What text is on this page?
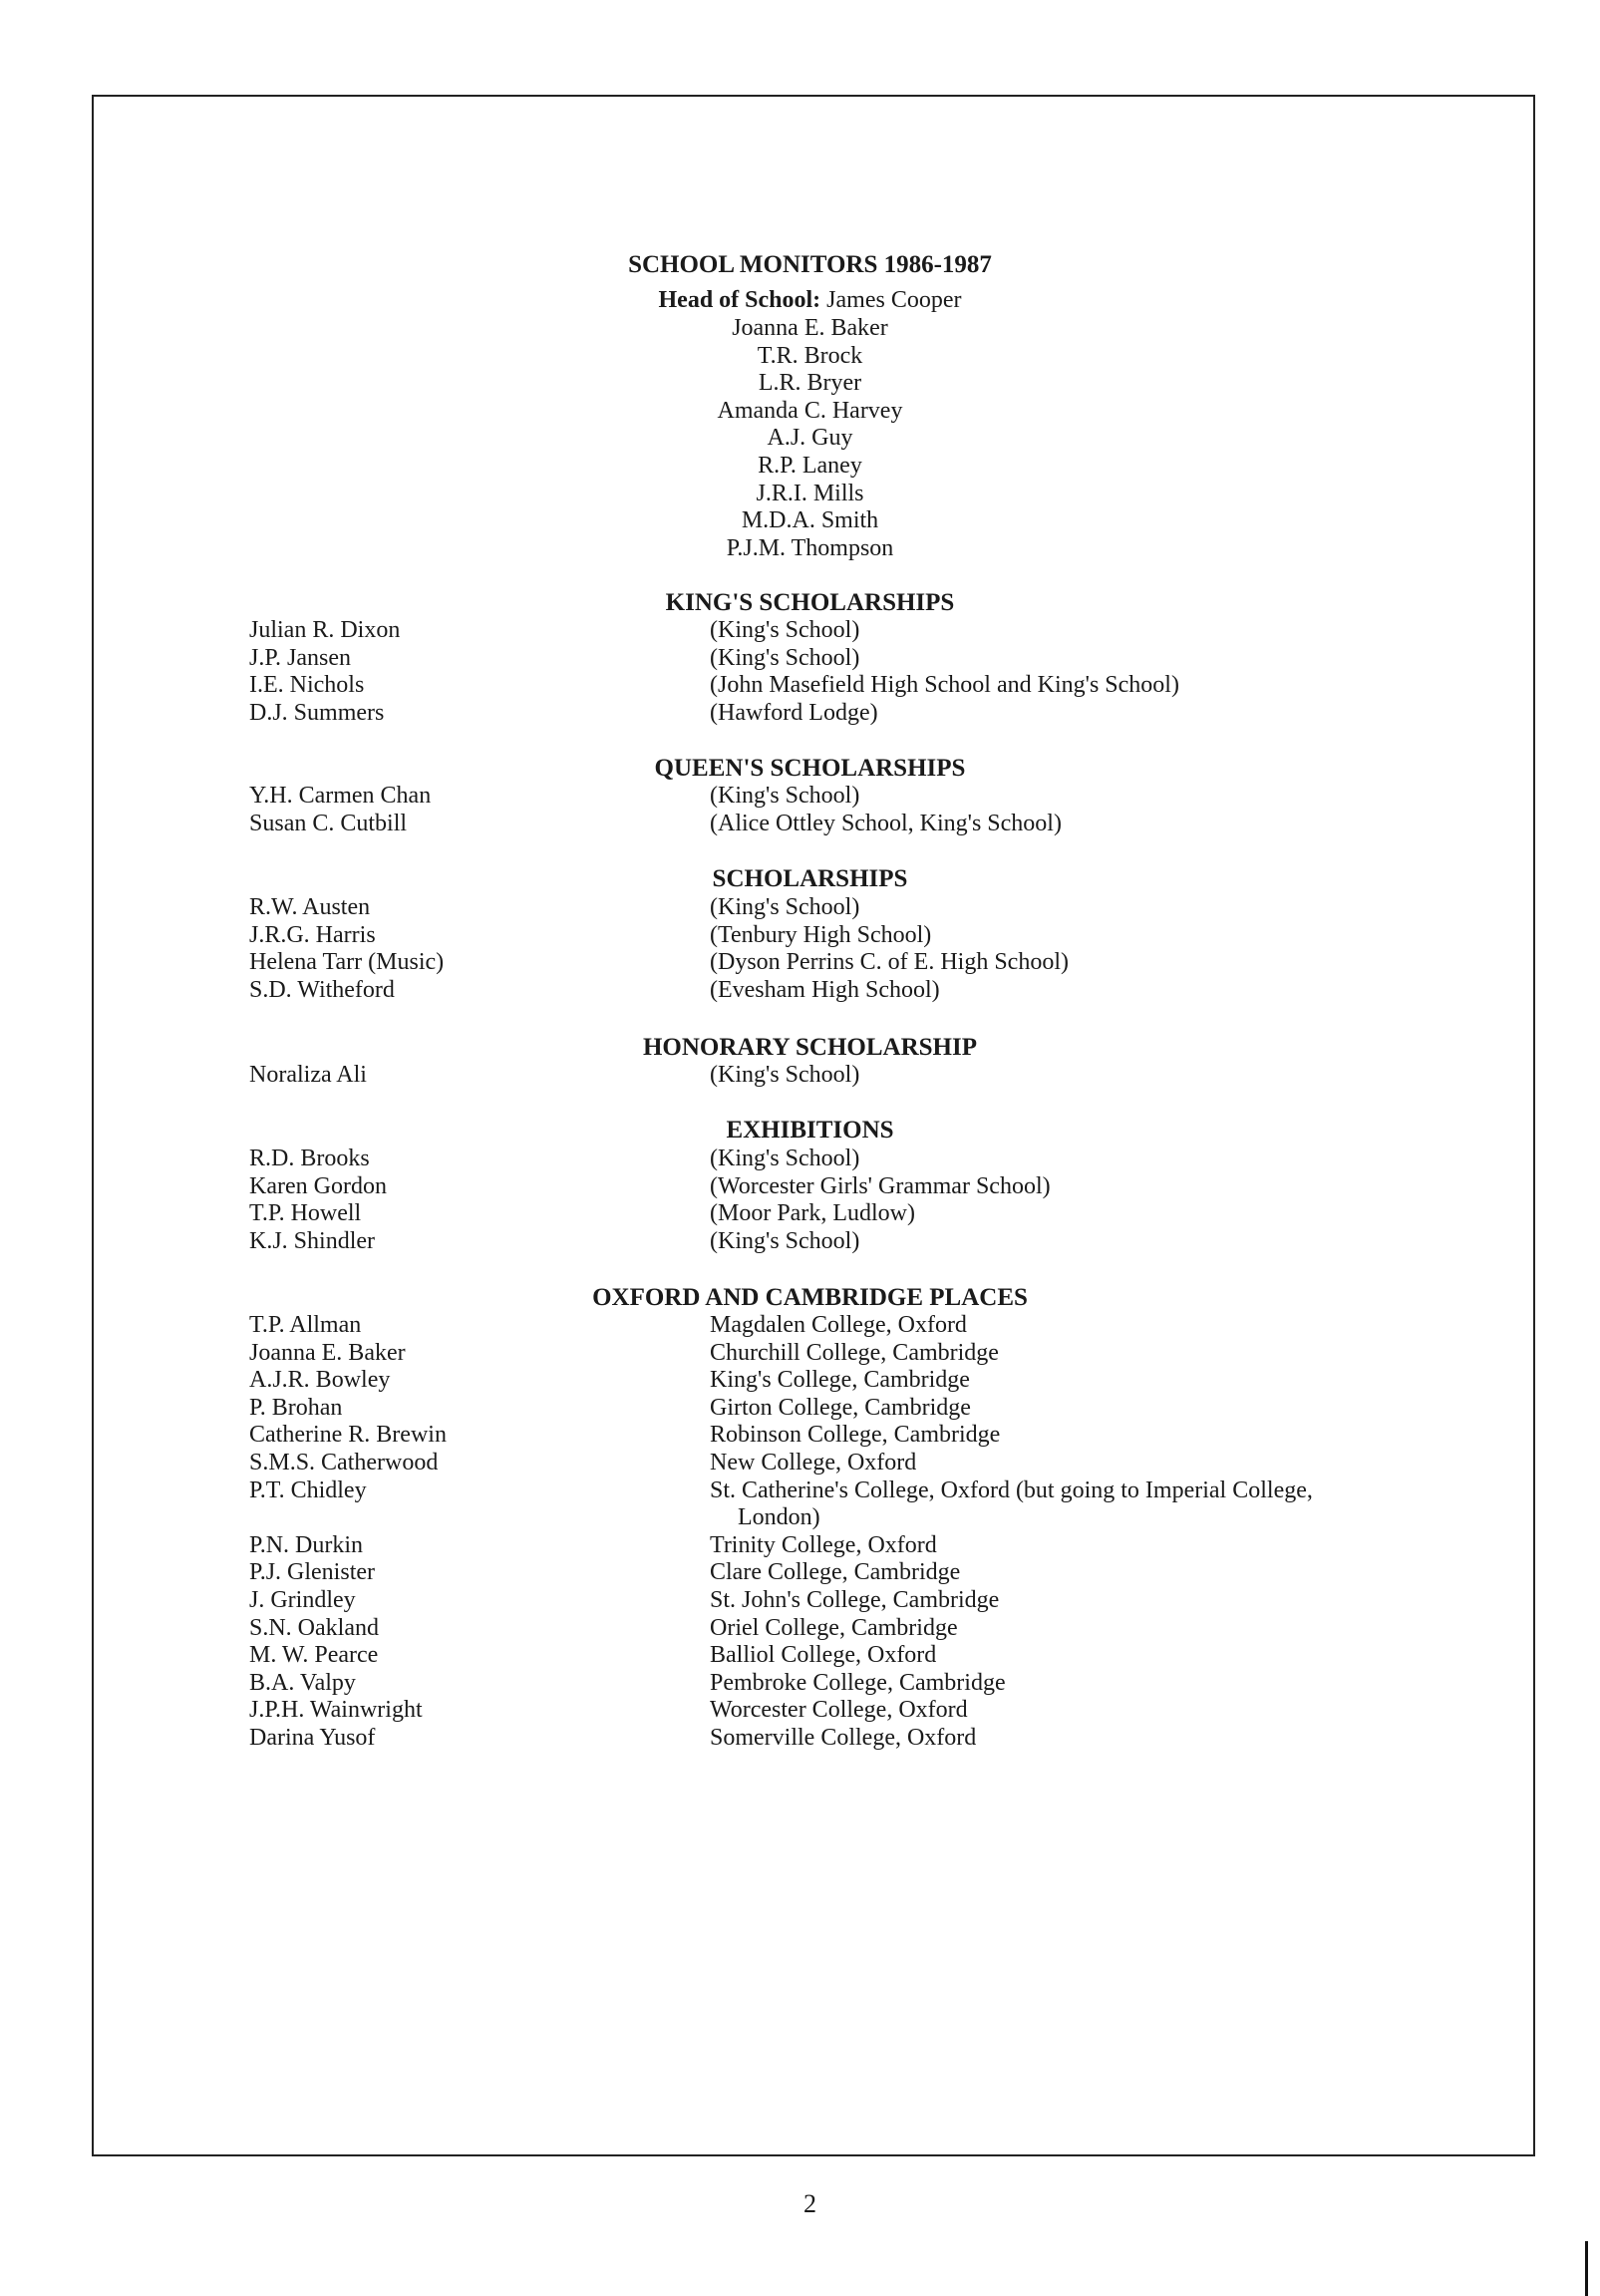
SCHOOL MONITORS 1986-1987
Head of School: James Cooper
Joanna E. Baker
T.R. Brock
L.R. Bryer
Amanda C. Harvey
A.J. Guy
R.P. Laney
J.R.I. Mills
M.D.A. Smith
P.J.M. Thompson
KING'S SCHOLARSHIPS
Julian R. Dixon	(King's School)
J.P. Jansen	(King's School)
I.E. Nichols	(John Masefield High School and King's School)
D.J. Summers	(Hawford Lodge)
QUEEN'S SCHOLARSHIPS
Y.H. Carmen Chan	(King's School)
Susan C. Cutbill	(Alice Ottley School, King's School)
SCHOLARSHIPS
R.W. Austen	(King's School)
J.R.G. Harris	(Tenbury High School)
Helena Tarr (Music)	(Dyson Perrins C. of E. High School)
S.D. Witheford	(Evesham High School)
HONORARY SCHOLARSHIP
Noraliza Ali	(King's School)
EXHIBITIONS
R.D. Brooks	(King's School)
Karen Gordon	(Worcester Girls' Grammar School)
T.P. Howell	(Moor Park, Ludlow)
K.J. Shindler	(King's School)
OXFORD AND CAMBRIDGE PLACES
T.P. Allman	Magdalen College, Oxford
Joanna E. Baker	Churchill College, Cambridge
A.J.R. Bowley	King's College, Cambridge
P. Brohan	Girton College, Cambridge
Catherine R. Brewin	Robinson College, Cambridge
S.M.S. Catherwood	New College, Oxford
P.T. Chidley	St. Catherine's College, Oxford (but going to Imperial College,
London)
P.N. Durkin	Trinity College, Oxford
P.J. Glenister	Clare College, Cambridge
J. Grindley	St. John's College, Cambridge
S.N. Oakland	Oriel College, Cambridge
M. W. Pearce	Balliol College, Oxford
B.A. Valpy	Pembroke College, Cambridge
J.P.H. Wainwright	Worcester College, Oxford
Darina Yusof	Somerville College, Oxford
2
